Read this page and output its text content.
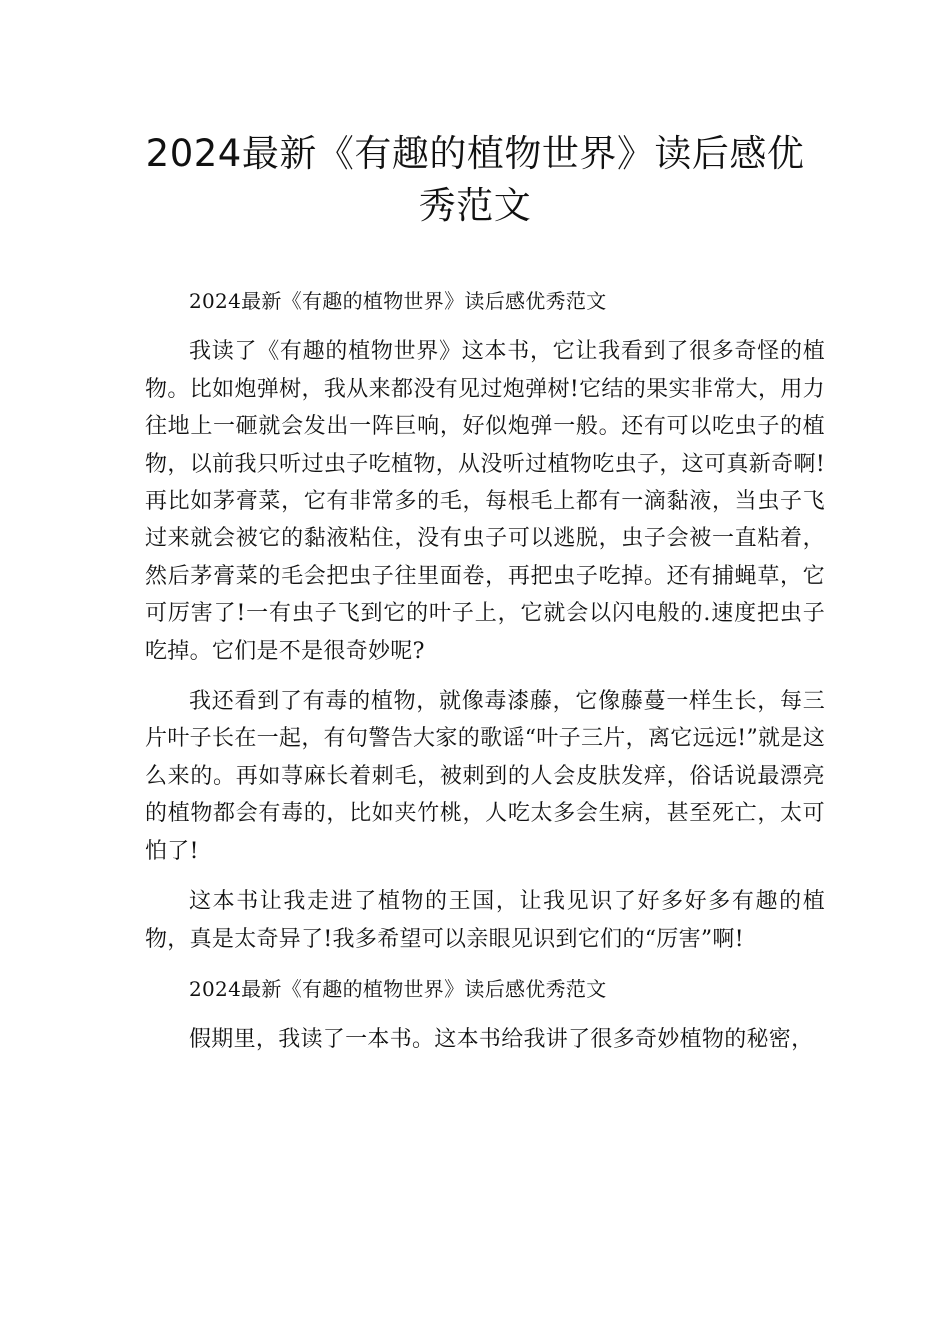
2024最新《有趣的植物世界》读后感优秀范文

2024最新《有趣的植物世界》读后感优秀范文

我读了《有趣的植物世界》这本书，它让我看到了很多奇怪的植物。比如炮弹树，我从来都没有见过炮弹树!它结的果实非常大，用力往地上一砸就会发出一阵巨响，好似炮弹一般。还有可以吃虫子的植物，以前我只听过虫子吃植物，从没听过植物吃虫子，这可真新奇啊!再比如茅膏菜，它有非常多的毛，每根毛上都有一滴黏液，当虫子飞过来就会被它的黏液粘住，没有虫子可以逃脱，虫子会被一直粘着，然后茅膏菜的毛会把虫子往里面卷，再把虫子吃掉。还有捕蝇草，它可厉害了!一有虫子飞到它的叶子上，它就会以闪电般的.速度把虫子吃掉。它们是不是很奇妙呢?

我还看到了有毒的植物，就像毒漆藤，它像藤蔓一样生长，每三片叶子长在一起，有句警告大家的歌谣“叶子三片，离它远远!”就是这么来的。再如荨麻长着刺毛，被刺到的人会皮肤发痒，俗话说最漂亮的植物都会有毒的，比如夹竹桃，人吃太多会生病，甚至死亡，太可怕了!

这本书让我走进了植物的王国，让我见识了好多好多有趣的植物，真是太奇异了!我多希望可以亲眼见识到它们的“厉害”啊!

2024最新《有趣的植物世界》读后感优秀范文

假期里，我读了一本书。这本书给我讲了很多奇妙植物的秘密，
